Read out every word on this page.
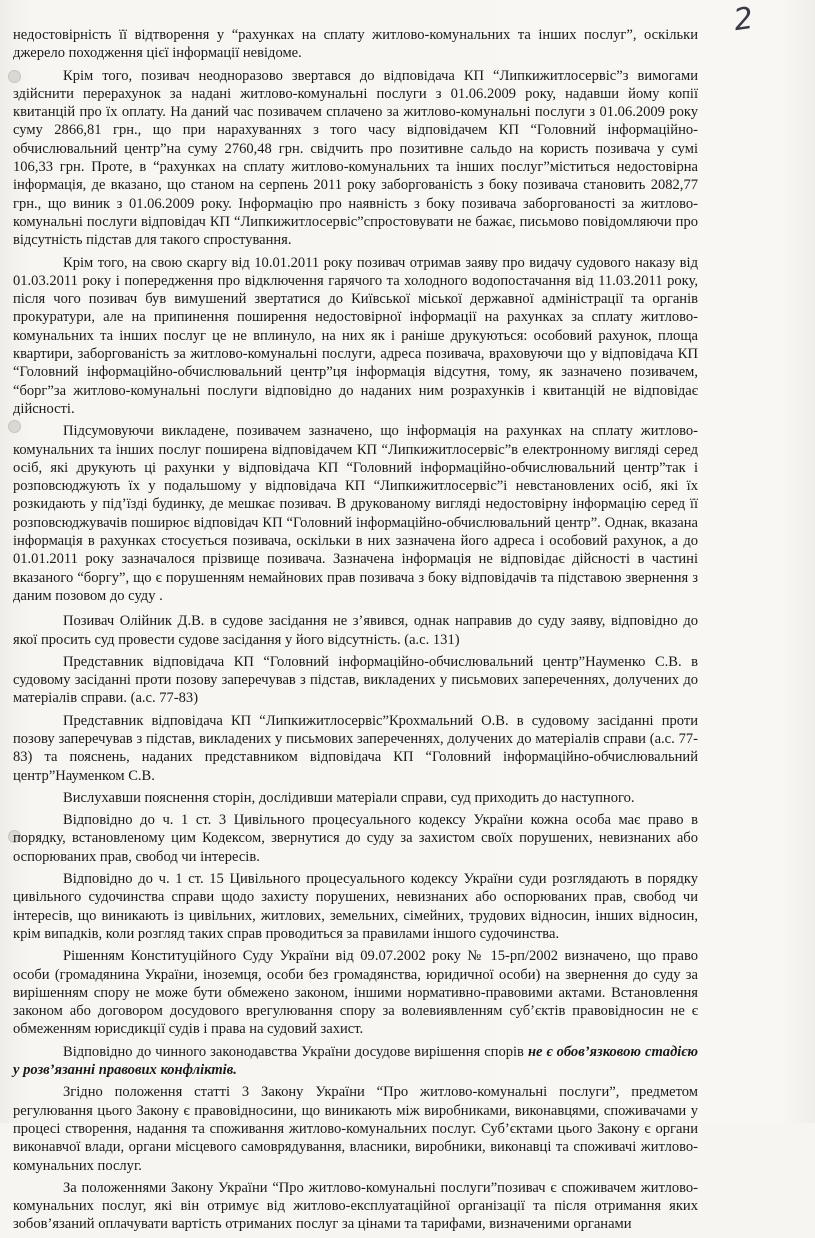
2

недостовірність її відтворення у “рахунках на сплату житлово-комунальних та інших послуг”, оскільки джерело походження цієї інформації невідоме.

Крім того, позивач неодноразово звертався до відповідача КП “Липкижитлосервіс”з вимогами здійснити перерахунок за надані житлово-комунальні послуги з 01.06.2009 року, надавши йому копії квитанцій про їх оплату. На даний час позивачем сплачено за житлово-комунальні послуги з 01.06.2009 року суму 2866,81 грн., що при нарахуваннях з того часу відповідачем КП “Головний інформаційно-обчислювальний центр”на суму 2760,48 грн. свідчить про позитивне сальдо на користь позивача у сумі 106,33 грн. Проте, в “рахунках на сплату житлово-комунальних та інших послуг”міститься недостовірна інформація, де вказано, що станом на серпень 2011 року заборгованість з боку позивача становить 2082,77 грн., що виник з 01.06.2009 року. Інформацію про наявність з боку позивача заборгованості за житлово-комунальні послуги відповідач КП “Липкижитлосервіс”спростовувати не бажає, письмово повідомляючи про відсутність підстав для такого спростування.

Крім того, на свою скаргу від 10.01.2011 року позивач отримав заяву про видачу судового наказу від 01.03.2011 року і попередження про відключення гарячого та холодного водопостачання від 11.03.2011 року, після чого позивач був вимушений звертатися до Київської міської державної адміністрації та органів прокуратури, але на припинення поширення недостовірної інформації на рахунках за сплату житлово-комунальних та інших послуг це не вплинуло, на них як і раніше друкуються: особовий рахунок, площа квартири, заборгованість за житлово-комунальні послуги, адреса позивача, враховуючи що у відповідача КП “Головний інформаційно-обчислювальний центр”ця інформація відсутня, тому, як зазначено позивачем, “борг”за житлово-комунальні послуги відповідно до наданих ним розрахунків і квитанцій не відповідає дійсності.

Підсумовуючи викладене, позивачем зазначено, що інформація на рахунках на сплату житлово-комунальних та інших послуг поширена відповідачем КП “Липкижитлосервіс”в електронному вигляді серед осіб, які друкують ці рахунки у відповідача КП “Головний інформаційно-обчислювальний центр”так і розповсюджують їх у подальшому у відповідача КП “Липкижитлосервіс”і невстановлених осіб, які їх розкидають у під’їзді будинку, де мешкає позивач. В друкованому вигляді недостовірну інформацію серед її розповсюджувачів поширює відповідач КП “Головний інформаційно-обчислювальний центр”. Однак, вказана інформація в рахунках стосується позивача, оскільки в них зазначена його адреса і особовий рахунок, а до 01.01.2011 року зазначалося прізвище позивача. Зазначена інформація не відповідає дійсності в частині вказаного “боргу”, що є порушенням немайнових прав позивача з боку відповідачів та підставою звернення з даним позовом до суду .

Позивач Олійник Д.В. в судове засідання не з’явився, однак направив до суду заяву, відповідно до якої просить суд провести судове засідання у його відсутність. (а.с. 131)

Представник відповідача КП “Головний інформаційно-обчислювальний центр”Науменко С.В. в судовому засіданні проти позову заперечував з підстав, викладених у письмових запереченнях, долучених до матеріалів справи. (а.с. 77-83)

Представник відповідача КП “Липкижитлосервіс”Крохмальний О.В. в судовому засіданні проти позову заперечував з підстав, викладених у письмових запереченнях, долучених до матеріалів справи (а.с. 77-83) та пояснень, наданих представником відповідача КП “Головний інформаційно-обчислювальний центр”Науменком С.В.

Вислухавши пояснення сторін, дослідивши матеріали справи, суд приходить до наступного.

Відповідно до ч. 1 ст. 3 Цивільного процесуального кодексу України кожна особа має право в порядку, встановленому цим Кодексом, звернутися до суду за захистом своїх порушених, невизнаних або оспорюваних прав, свобод чи інтересів.

Відповідно до ч. 1 ст. 15 Цивільного процесуального кодексу України суди розглядають в порядку цивільного судочинства справи щодо захисту порушених, невизнаних або оспорюваних прав, свобод чи інтересів, що виникають із цивільних, житлових, земельних, сімейних, трудових відносин, інших відносин, крім випадків, коли розгляд таких справ проводиться за правилами іншого судочинства.

Рішенням Конституційного Суду України від 09.07.2002 року № 15-рп/2002 визначено, що право особи (громадянина України, іноземця, особи без громадянства, юридичної особи) на звернення до суду за вирішенням спору не може бути обмежено законом, іншими нормативно-правовими актами. Встановлення законом або договором досудового врегулювання спору за волевиявленням суб’єктів правовідносин не є обмеженням юрисдикції судів і права на судовий захист.

Відповідно до чинного законодавства України досудове вирішення спорів не є обов’язковою стадією у розв’язанні правових конфліктів.

Згідно положення статті 3 Закону України “Про житлово-комунальні послуги”, предметом регулювання цього Закону є правовідносини, що виникають між виробниками, виконавцями, споживачами у процесі створення, надання та споживання житлово-комунальних послуг. Суб’єктами цього Закону є органи виконавчої влади, органи місцевого самоврядування, власники, виробники, виконавці та споживачі житлово-комунальних послуг.

За положеннями Закону України “Про житлово-комунальні послуги”позивач є споживачем житлово-комунальних послуг, які він отримує від житлово-експлуатаційної організації та після отримання яких зобов’язаний оплачувати вартість отриманих послуг за цінами та тарифами, визначеними органами
